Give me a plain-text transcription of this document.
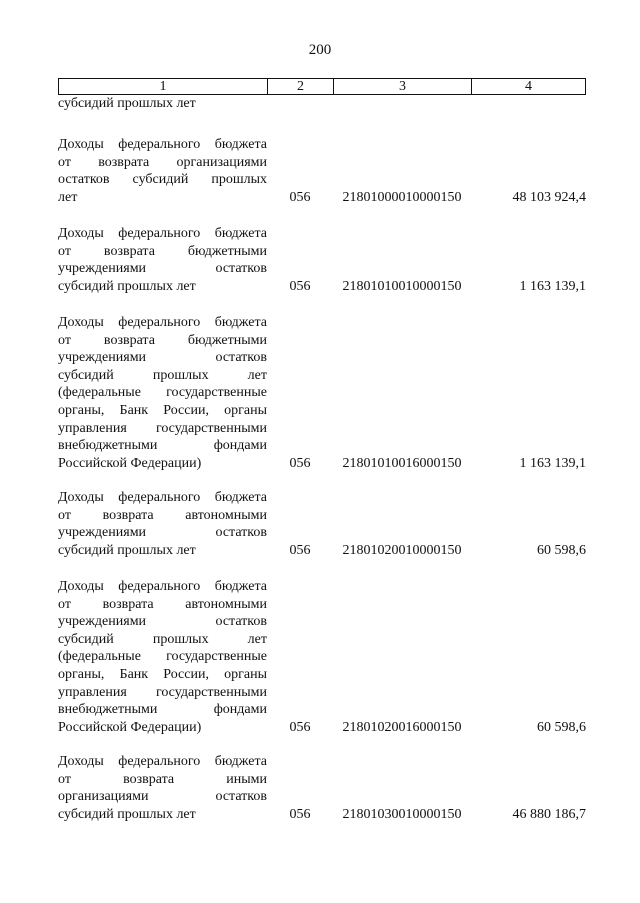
200
1	2	3	4
субсидий прошлых лет
Доходы федерального бюджета
от возврата организациями
остатков субсидий прошлых
лет	056	21801000010000150	48 103 924,4
Доходы федерального бюджета
от возврата бюджетными
учреждениями остатков
субсидий прошлых лет	056	21801010010000150	1 163 139,1
Доходы федерального бюджета
от возврата бюджетными
учреждениями остатков
субсидий прошлых лет
(федеральные государственные
органы, Банк России, органы
управления государственными
внебюджетными фондами
Российской Федерации)	056	21801010016000150	1 163 139,1
Доходы федерального бюджета
от возврата автономными
учреждениями остатков
субсидий прошлых лет	056	21801020010000150	60 598,6
Доходы федерального бюджета
от возврата автономными
учреждениями остатков
субсидий прошлых лет
(федеральные государственные
органы, Банк России, органы
управления государственными
внебюджетными фондами
Российской Федерации)	056	21801020016000150	60 598,6
Доходы федерального бюджета
от возврата иными
организациями остатков
субсидий прошлых лет	056	21801030010000150	46 880 186,7
